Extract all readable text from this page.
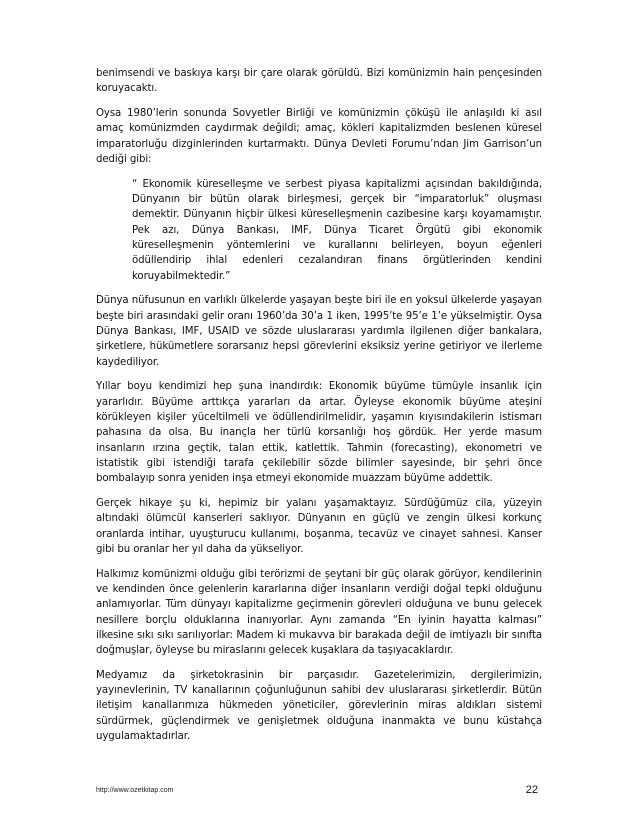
benimsendi ve baskıya karşı bir çare olarak görüldü. Bizi komünizmin hain pençesinden koruyacaktı.

Oysa 1980’lerin sonunda Sovyetler Birliği ve komünizmin çöküşü ile anlaşıldı ki asıl amaç komünizmden caydırmak değildi; amaç, kökleri kapitalizmden beslenen küresel imparatorluğu dizginlerinden kurtarmaktı. Dünya Devleti Forumu’ndan Jim Garrison’un dediği gibi:

“ Ekonomik küreselleşme ve serbest piyasa kapitalizmi açısından bakıldığında, Dünyanın bir bütün olarak birleşmesi, gerçek bir “imparatorluk” oluşması demektir. Dünyanın hiçbir ülkesi küreselleşmenin cazibesine karşı koyamamıştır. Pek azı, Dünya Bankası, IMF, Dünya Ticaret Örgütü gibi ekonomik küreselleşmenin yöntemlerini ve kurallarını belirleyen, boyun eğenleri ödüllendirip ihlal edenleri cezalandıran finans örgütlerinden kendini koruyabilmektedir.”

Dünya nüfusunun en varlıklı ülkelerde yaşayan beşte biri ile en yoksul ülkelerde yaşayan beşte biri arasındaki gelir oranı 1960’da 30’a 1 iken, 1995’te 95’e 1’e yükselmiştir. Oysa Dünya Bankası, IMF, USAID ve sözde uluslararası yardımla ilgilenen diğer bankalara, şirketlere, hükümetlere sorarsanız hepsi görevlerini eksiksiz yerine getiriyor ve ilerleme kaydediliyor.

Yıllar boyu kendimizi hep şuna inandırdık: Ekonomik büyüme tümüyle insanlık için yararlıdır. Büyüme arttıkça yararları da artar. Öyleyse ekonomik büyüme ateşini körükleyen kişiler yüceltilmeli ve ödüllendirilmelidir, yaşamın kıyısındakilerin istismarı pahasına da olsa. Bu inançla her türlü korsanlığı hoş gördük. Her yerde masum insanların ırzına geçtik, talan ettik, katlettik. Tahmin (forecasting), ekonometri ve istatistik gibi istendiği tarafa çekilebilir sözde bilimler sayesinde, bir şehri önce bombalayıp sonra yeniden inşa etmeyi ekonomide muazzam büyüme addettik.

Gerçek hikaye şu ki, hepimiz bir yalanı yaşamaktayız. Sürdüğümüz cila, yüzeyin altındaki ölümcül kanserleri saklıyor. Dünyanın en güçlü ve zengin ülkesi korkunç oranlarda intihar, uyuşturucu kullanımı, boşanma, tecavüz ve cinayet sahnesi. Kanser gibi bu oranlar her yıl daha da yükseliyor.

Halkımız komünizmi olduğu gibi terörizmi de şeytani bir güç olarak görüyor, kendilerinin ve kendinden önce gelenlerin kararlarına diğer insanların verdiği doğal tepki olduğunu anlamıyorlar. Tüm dünyayı kapitalizme geçirmenin görevleri olduğuna ve bunu gelecek nesillere borçlu olduklarına inanıyorlar. Aynı zamanda “En iyinin hayatta kalması” ilkesine sıkı sıkı sarılıyorlar: Madem ki mukavva bir barakada değil de imtiyazlı bir sınıfta doğmuşlar, öyleyse bu miraslarını gelecek kuşaklara da taşıyacaklardır.

Medyamız da şirketokrasinin bir parçasıdır. Gazetelerimizin, dergilerimizin, yayınevlerinin, TV kanallarının çoğunluğunun sahibi dev uluslararası şirketlerdir. Bütün iletişim kanallarımıza hükmeden yöneticiler, görevlerinin miras aldıkları sistemi sürdürmek, güçlendirmek ve genişletmek olduğuna inanmakta ve bunu küstahça uygulamaktadırlar.

http://www.ozetkitap.com	22
